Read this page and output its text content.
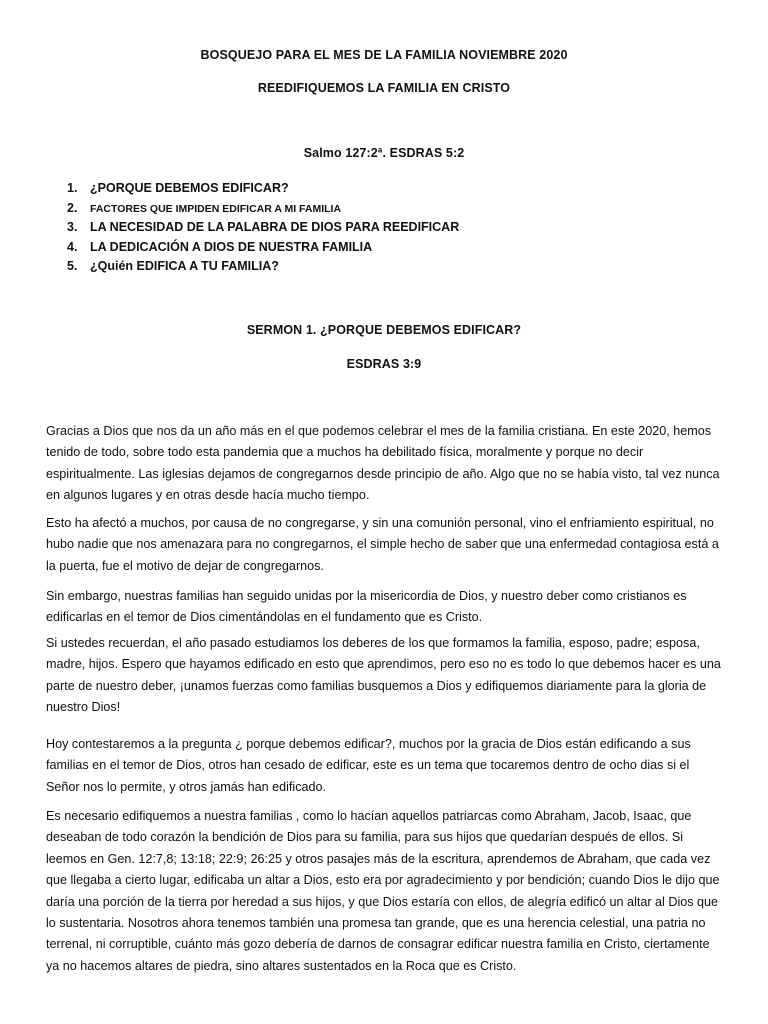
BOSQUEJO PARA EL MES DE LA FAMILIA NOVIEMBRE 2020
REEDIFIQUEMOS LA FAMILIA EN CRISTO
Salmo 127:2ª. ESDRAS 5:2
1. ¿PORQUE DEBEMOS EDIFICAR?
2. FACTORES QUE IMPIDEN EDIFICAR A MI FAMILIA
3. LA NECESIDAD DE LA PALABRA DE DIOS PARA REEDIFICAR
4. LA DEDICACIÓN A DIOS DE NUESTRA FAMILIA
5. ¿Quién EDIFICA A TU FAMILIA?
SERMON 1. ¿PORQUE DEBEMOS EDIFICAR?
ESDRAS 3:9

Gracias a Dios que nos da un año más en el que podemos celebrar el mes de la familia cristiana. En este 2020, hemos tenido de todo, sobre todo esta pandemia que a muchos ha debilitado física, moralmente y porque no decir espiritualmente. Las iglesias dejamos de congregarnos desde principio de año. Algo que no se había visto, tal vez nunca en algunos lugares y en otras desde hacía mucho tiempo.

Esto ha afectó a muchos, por causa de no congregarse, y sin una comunión personal, vino el enfriamiento espiritual, no hubo nadie que nos amenazara para no congregarnos, el simple hecho de saber que una enfermedad contagiosa está a la puerta, fue el motivo de dejar de congregarnos.

Sin embargo, nuestras familias han seguido unidas por la misericordia de Dios, y nuestro deber como cristianos es edificarlas en el temor de Dios cimentándolas en el fundamento que es Cristo.

Si ustedes recuerdan, el año pasado estudiamos los deberes de los que formamos la familia, esposo, padre; esposa, madre, hijos. Espero que hayamos edificado en esto que aprendimos, pero eso no es todo lo que debemos hacer es una parte de nuestro deber, ¡unamos fuerzas como familias busquemos a Dios y edifiquemos diariamente para la gloria de nuestro Dios!

Hoy contestaremos a la pregunta ¿ porque debemos edificar?, muchos por la gracia de Dios están edificando a sus familias en el temor de Dios, otros han cesado de edificar, este es un tema que tocaremos dentro de ocho dias si el Señor nos lo permite, y otros jamás han edificado.

Es necesario edifiquemos a nuestra familias , como lo hacían aquellos patriarcas como Abraham, Jacob, Isaac, que deseaban de todo corazón la bendición de Dios para su familia, para sus hijos que quedarían después de ellos. Si leemos en Gen. 12:7,8; 13:18; 22:9; 26:25 y otros pasajes más de la escritura, aprendemos de Abraham, que cada vez que llegaba a cierto lugar, edificaba un altar a Dios, esto era por agradecimiento y por bendición; cuando Dios le dijo que daría una porción de la tierra por heredad a sus hijos, y que Dios estaría con ellos, de alegría edificó un altar al Dios que lo sustentaria. Nosotros ahora tenemos también una promesa tan grande, que es una herencia celestial, una patria no terrenal, ni corruptible, cuánto más gozo debería de darnos de consagrar edificar nuestra familia en Cristo, ciertamente ya no hacemos altares de piedra, sino altares sustentados en la Roca que es Cristo.
